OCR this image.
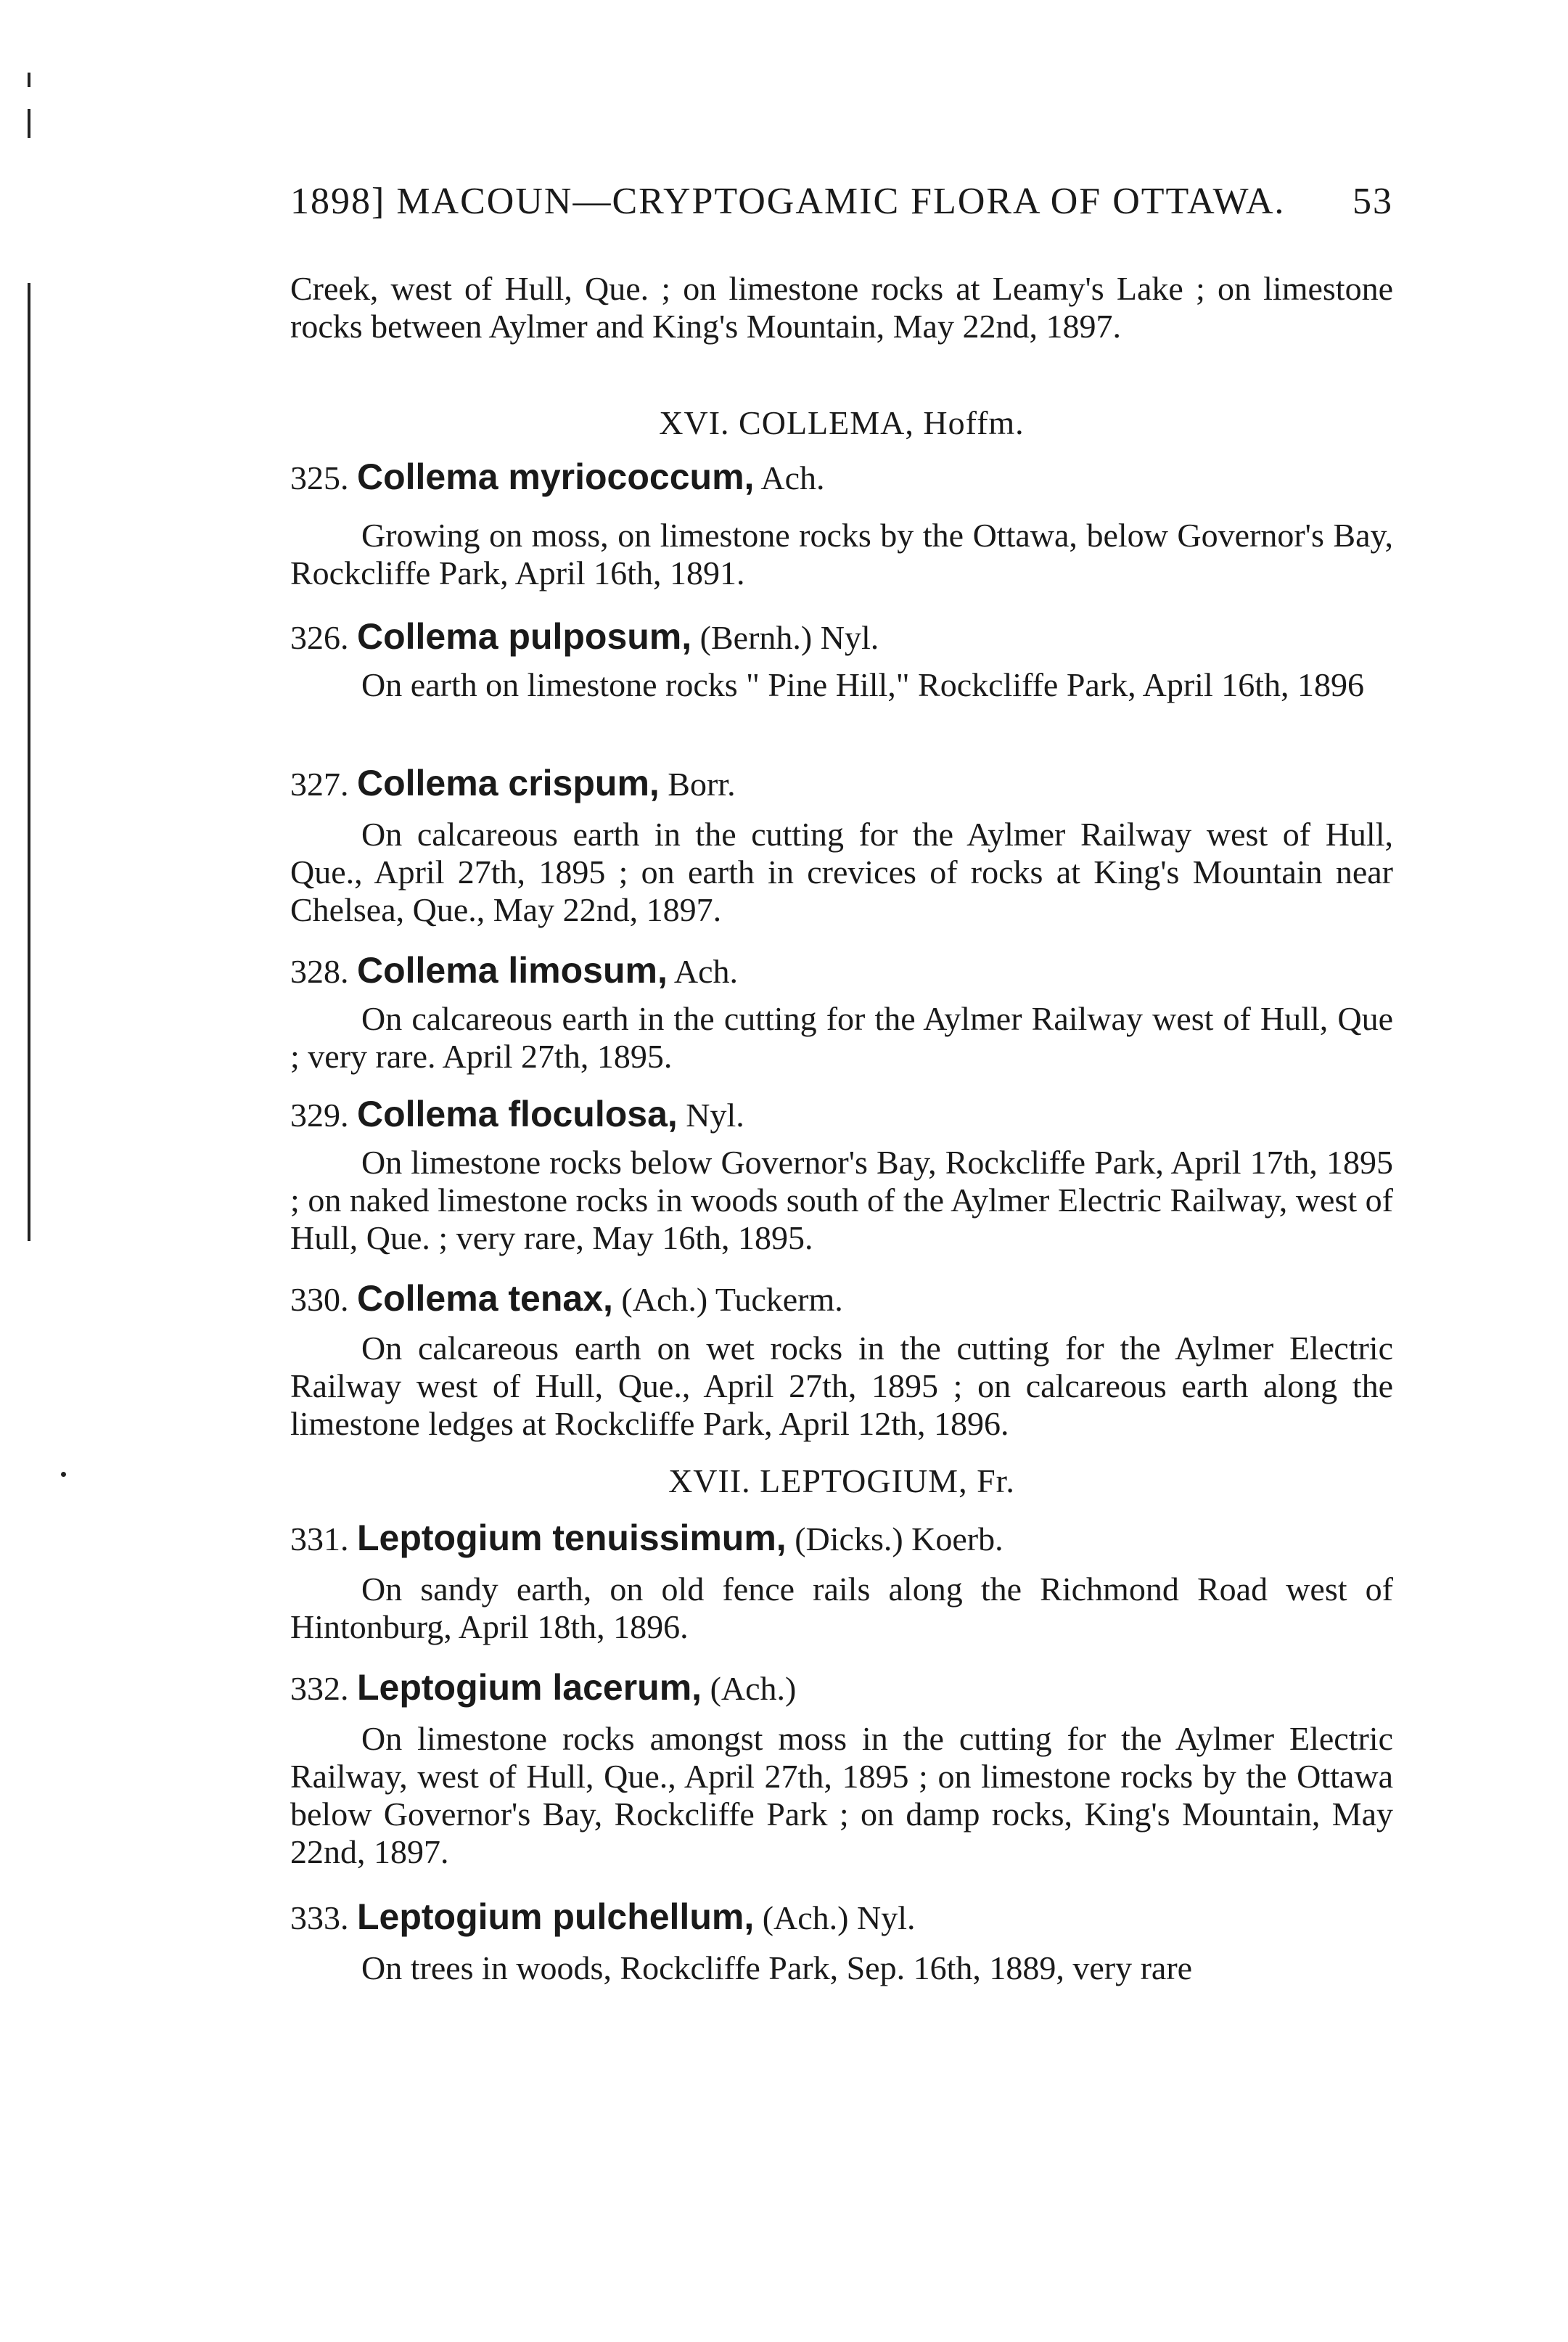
1898] MACOUN—CRYPTOGAMIC FLORA OF OTTAWA. 53
Creek, west of Hull, Que. ; on limestone rocks at Leamy's Lake ; on limestone rocks between Aylmer and King's Mountain, May 22nd, 1897.
XVI. COLLEMA, Hoffm.
325. Collema myriococcum, Ach.
Growing on moss, on limestone rocks by the Ottawa, below Governor's Bay, Rockcliffe Park, April 16th, 1891.
326. Collema pulposum, (Bernh.) Nyl.
On earth on limestone rocks " Pine Hill," Rockcliffe Park, April 16th, 1896
327. Collema crispum, Borr.
On calcareous earth in the cutting for the Aylmer Railway west of Hull, Que., April 27th, 1895 ; on earth in crevices of rocks at King's Mountain near Chelsea, Que., May 22nd, 1897.
328. Collema limosum, Ach.
On calcareous earth in the cutting for the Aylmer Railway west of Hull, Que ; very rare. April 27th, 1895.
329. Collema floculosa, Nyl.
On limestone rocks below Governor's Bay, Rockcliffe Park, April 17th, 1895 ; on naked limestone rocks in woods south of the Aylmer Electric Railway, west of Hull, Que. ; very rare, May 16th, 1895.
330. Collema tenax, (Ach.) Tuckerm.
On calcareous earth on wet rocks in the cutting for the Aylmer Electric Railway west of Hull, Que., April 27th, 1895 ; on calcareous earth along the limestone ledges at Rockcliffe Park, April 12th, 1896.
XVII. LEPTOGIUM, Fr.
331. Leptogium tenuissimum, (Dicks.) Koerb.
On sandy earth, on old fence rails along the Richmond Road west of Hintonburg, April 18th, 1896.
332. Leptogium lacerum, (Ach.)
On limestone rocks amongst moss in the cutting for the Aylmer Electric Railway, west of Hull, Que., April 27th, 1895 ; on limestone rocks by the Ottawa below Governor's Bay, Rockcliffe Park ; on damp rocks, King's Mountain, May 22nd, 1897.
333. Leptogium pulchellum, (Ach.) Nyl.
On trees in woods, Rockcliffe Park, Sep. 16th, 1889, very rare
